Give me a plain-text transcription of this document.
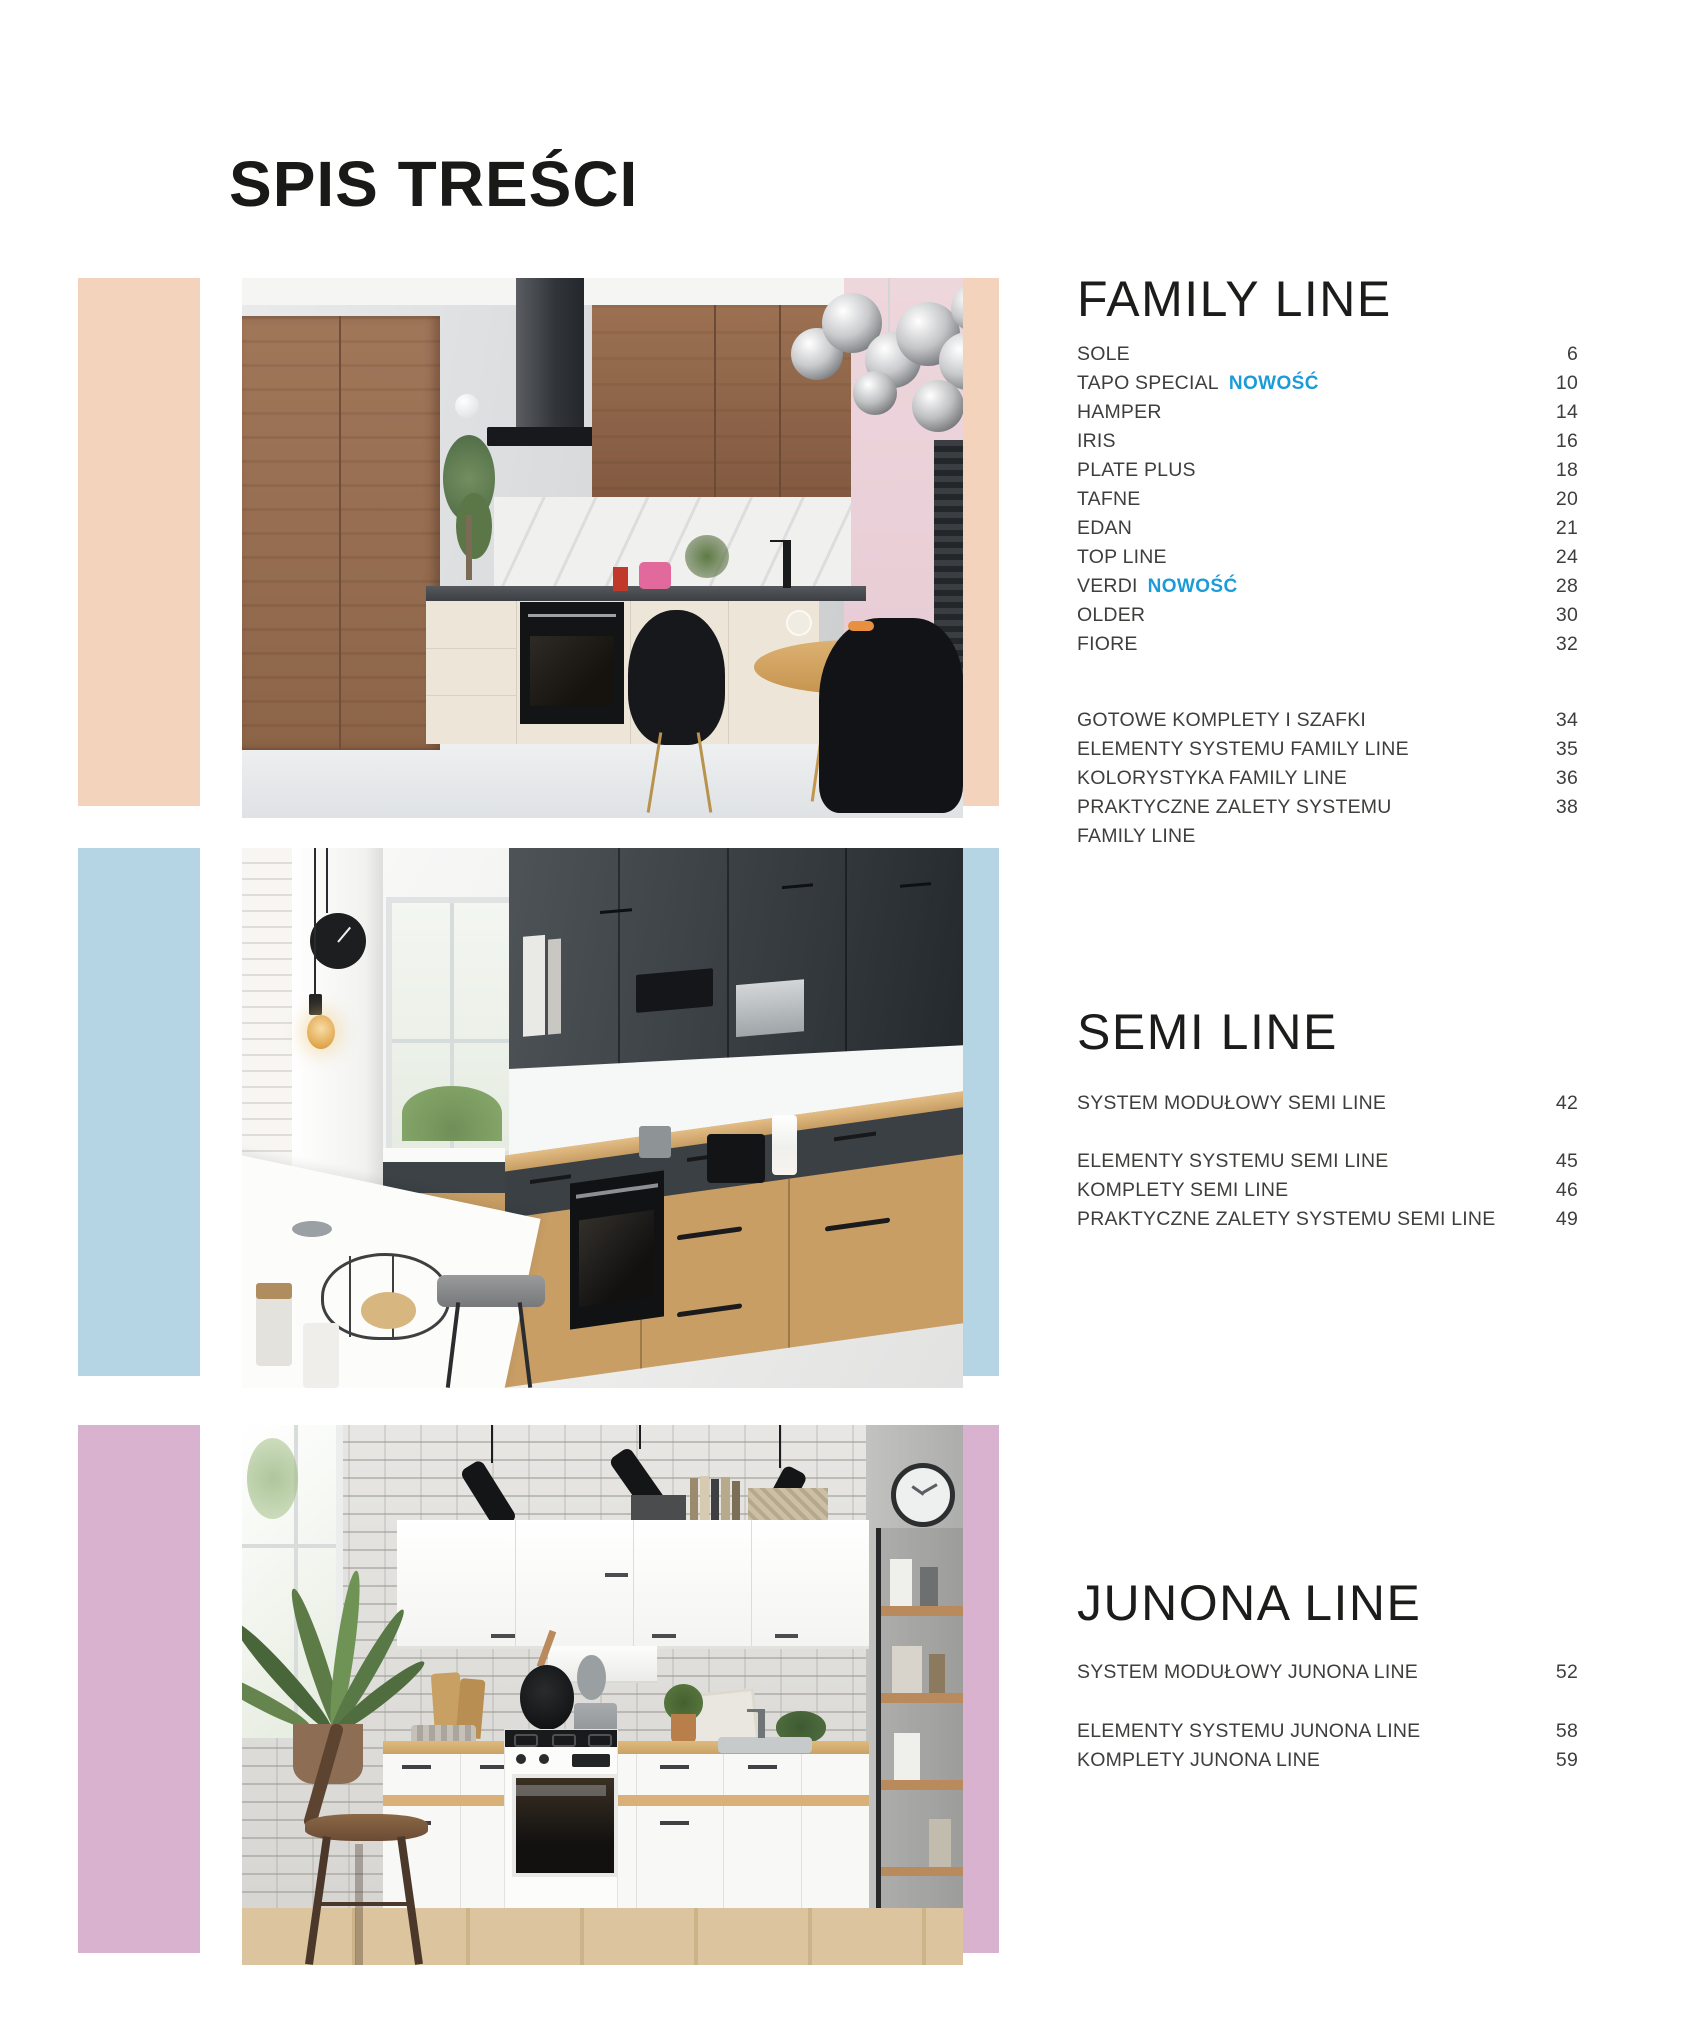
SPIS TREŚCI
FAMILY LINE
SOLE	6
TAPO SPECIAL NOWOŚĆ	10
HAMPER	14
IRIS	16
PLATE PLUS	18
TAFNE	20
EDAN	21
TOP LINE	24
VERDI NOWOŚĆ	28
OLDER	30
FIORE	32
GOTOWE KOMPLETY I SZAFKI	34
ELEMENTY SYSTEMU FAMILY LINE	35
KOLORYSTYKA FAMILY LINE	36
PRAKTYCZNE ZALETY SYSTEMU FAMILY LINE
38
SEMI LINE
SYSTEM MODUŁOWY SEMI LINE	42
ELEMENTY SYSTEMU SEMI LINE	45
KOMPLETY SEMI LINE	46
PRAKTYCZNE ZALETY SYSTEMU SEMI LINE	49
JUNONA LINE
SYSTEM MODUŁOWY JUNONA LINE	52
ELEMENTY SYSTEMU JUNONA LINE	58
KOMPLETY JUNONA LINE	59
